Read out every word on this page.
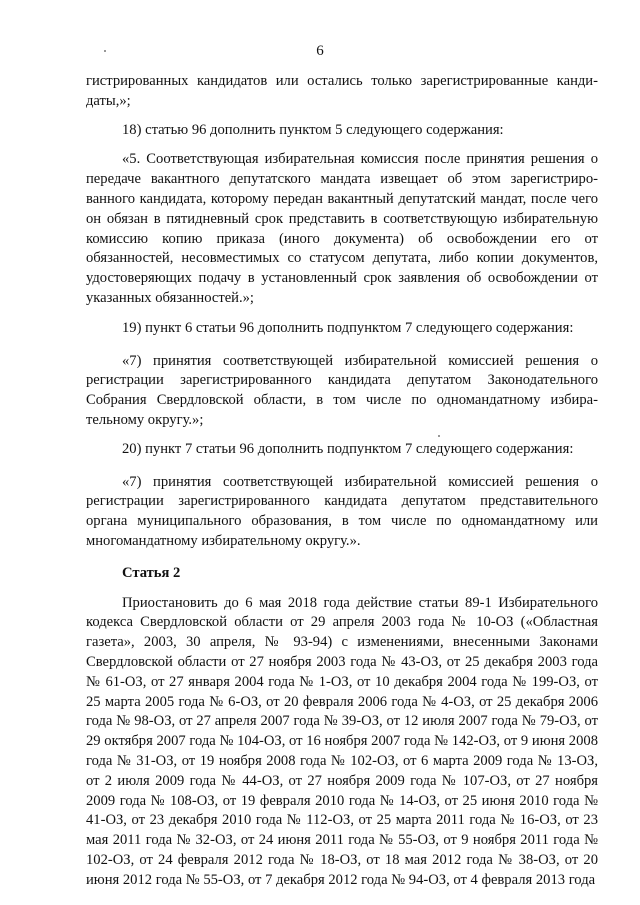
6

гистрированных кандидатов или остались только зарегистрированные кандидаты,»;

18) статью 96 дополнить пунктом 5 следующего содержания:

«5. Соответствующая избирательная комиссия после принятия решения о передаче вакантного депутатского мандата извещает об этом зарегистрированного кандидата, которому передан вакантный депутатский мандат, после чего он обязан в пятидневный срок представить в соответствующую избирательную комиссию копию приказа (иного документа) об освобождении его от обязанностей, несовместимых со статусом депутата, либо копии документов, удостоверяющих подачу в установленный срок заявления об освобождении от указанных обязанностей.»;

19) пункт 6 статьи 96 дополнить подпунктом 7 следующего содержания:

«7) принятия соответствующей избирательной комиссией решения о регистрации зарегистрированного кандидата депутатом Законодательного Собрания Свердловской области, в том числе по одномандатному избирательному округу.»;

20) пункт 7 статьи 96 дополнить подпунктом 7 следующего содержания:

«7) принятия соответствующей избирательной комиссией решения о регистрации зарегистрированного кандидата депутатом представительного органа муниципального образования, в том числе по одномандатному или многомандатному избирательному округу.».

Статья 2

Приостановить до 6 мая 2018 года действие статьи 89-1 Избирательного кодекса Свердловской области от 29 апреля 2003 года № 10-ОЗ («Областная газета», 2003, 30 апреля, № 93-94) с изменениями, внесенными Законами Свердловской области от 27 ноября 2003 года № 43-ОЗ, от 25 декабря 2003 года № 61-ОЗ, от 27 января 2004 года № 1-ОЗ, от 10 декабря 2004 года № 199-ОЗ, от 25 марта 2005 года № 6-ОЗ, от 20 февраля 2006 года № 4-ОЗ, от 25 декабря 2006 года № 98-ОЗ, от 27 апреля 2007 года № 39-ОЗ, от 12 июля 2007 года № 79-ОЗ, от 29 октября 2007 года № 104-ОЗ, от 16 ноября 2007 года № 142-ОЗ, от 9 июня 2008 года № 31-ОЗ, от 19 ноября 2008 года № 102-ОЗ, от 6 марта 2009 года № 13-ОЗ, от 2 июля 2009 года № 44-ОЗ, от 27 ноября 2009 года № 107-ОЗ, от 27 ноября 2009 года № 108-ОЗ, от 19 февраля 2010 года № 14-ОЗ, от 25 июня 2010 года № 41-ОЗ, от 23 декабря 2010 года № 112-ОЗ, от 25 марта 2011 года № 16-ОЗ, от 23 мая 2011 года № 32-ОЗ, от 24 июня 2011 года № 55-ОЗ, от 9 ноября 2011 года № 102-ОЗ, от 24 февраля 2012 года № 18-ОЗ, от 18 мая 2012 года № 38-ОЗ, от 20 июня 2012 года № 55-ОЗ, от 7 декабря 2012 года № 94-ОЗ, от 4 февраля 2013 года
